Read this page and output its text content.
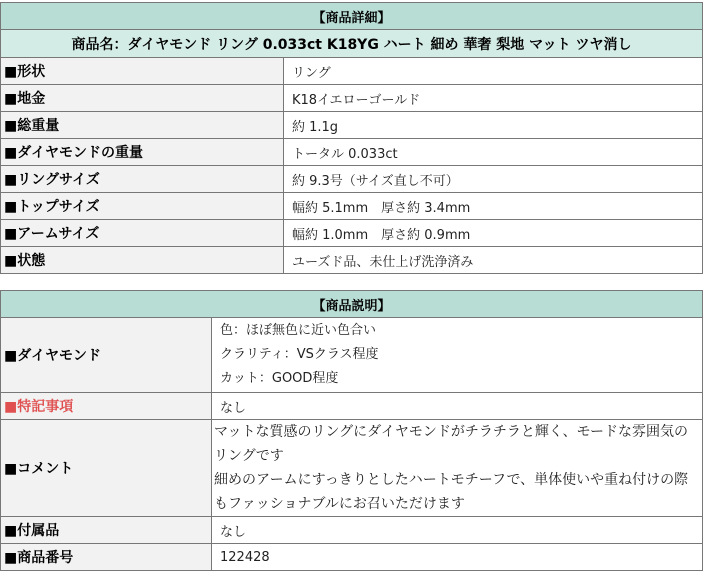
【商品詳細】	
商品名：ダイヤモンド リング 0.033ct K18YG ハート 細め 華奢 梨地 マット ツヤ消し	
■形状	リング
■地金	K18イエローゴールド
■総重量	約 1.1g
■ダイヤモンドの重量	トータル 0.033ct
■リングサイズ	約 9.3号（サイズ直し不可）
■トップサイズ	幅約 5.1mm　厚さ約 3.4mm
■アームサイズ	幅約 1.0mm　厚さ約 0.9mm
■状態	ユーズド品、未仕上げ洗浄済み
【商品説明】	
■ダイヤモンド	色：ほぼ無色に近い色合い
クラリティ：VSクラス程度
カット：GOOD程度

■特記事項	なし
■コメント	マットな質感のリングにダイヤモンドがチラチラと輝く、モードな雰囲気のリングです
細めのアームにすっきりとしたハートモチーフで、単体使いや重ね付けの際もファッショナブルにお召いただけます

■付属品	なし
■商品番号	122428
